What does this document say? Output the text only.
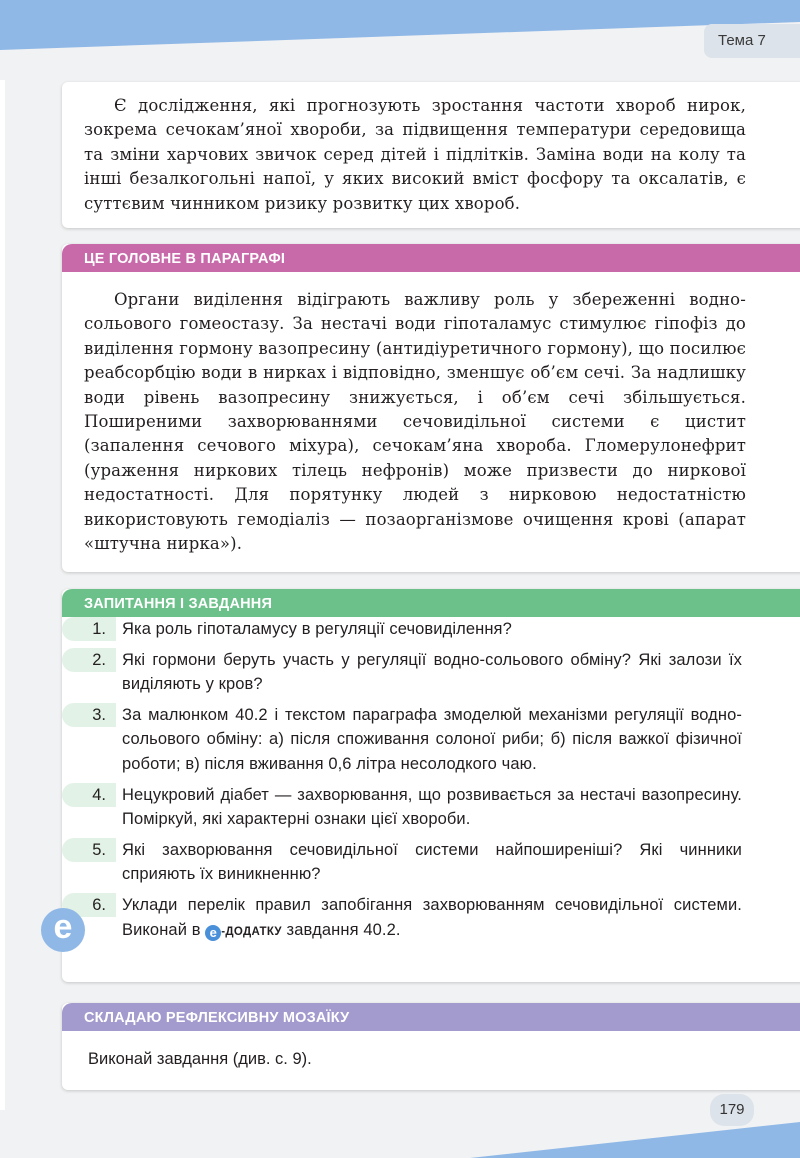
Тема 7

Є дослідження, які прогнозують зростання частоти хвороб нирок, зокрема сечокам’яної хвороби, за підвищення температури середовища та зміни харчових звичок серед дітей і підлітків. Заміна води на колу та інші безалкогольні напої, у яких високий вміст фосфору та оксалатів, є суттєвим чинником ризику розвитку цих хвороб.

Органи виділення відіграють важливу роль у збереженні водно-сольового гомеостазу. За нестачі води гіпоталамус стимулює гіпофіз до виділення гормону вазопресину (антидіуретичного гормону), що посилює реабсорбцію води в нирках і відповідно, зменшує об’єм сечі. За надлишку води рівень вазопресину знижується, і об’єм сечі збільшується. Поширеними захворюваннями сечовидільної системи є цистит (запалення сечового міхура), сечокам’яна хвороба. Гломерулонефрит (ураження ниркових тілець нефронів) може призвести до ниркової недостатності. Для порятунку людей з нирковою недостатністю використовують гемодіаліз — позаорганізмове очищення крові (апарат «штучна нирка»).

ЦЕ ГОЛОВНЕ В ПАРАГРАФІ
ЗАПИТАННЯ І ЗАВДАННЯ
1. Яка роль гіпоталамусу в регуляції сечовиділення?
2. Які гормони беруть участь у регуляції водно-сольового обміну? Які залози їх виділяють у кров?
3. За малюнком 40.2 і текстом параграфа змоделюй механізми регуляції водно-сольового обміну: а) після споживання солоної риби; б) після важкої фізичної роботи; в) після вживання 0,6 літра несолодкого чаю.
4. Нецукровий діабет — захворювання, що розвивається за нестачі вазопресину. Поміркуй, які характерні ознаки цієї хвороби.
5. Які захворювання сечовидільної системи найпоширеніші? Які чинники сприяють їх виникненню?
6. Уклади перелік правил запобігання захворюванням сечовидільної системи. Виконай в e -ДОДАТКУ завдання 40.2.
e
Виконай завдання (див. с. 9).
СКЛАДАЮ РЕФЛЕКСИВНУ МОЗАЇКУ
179
